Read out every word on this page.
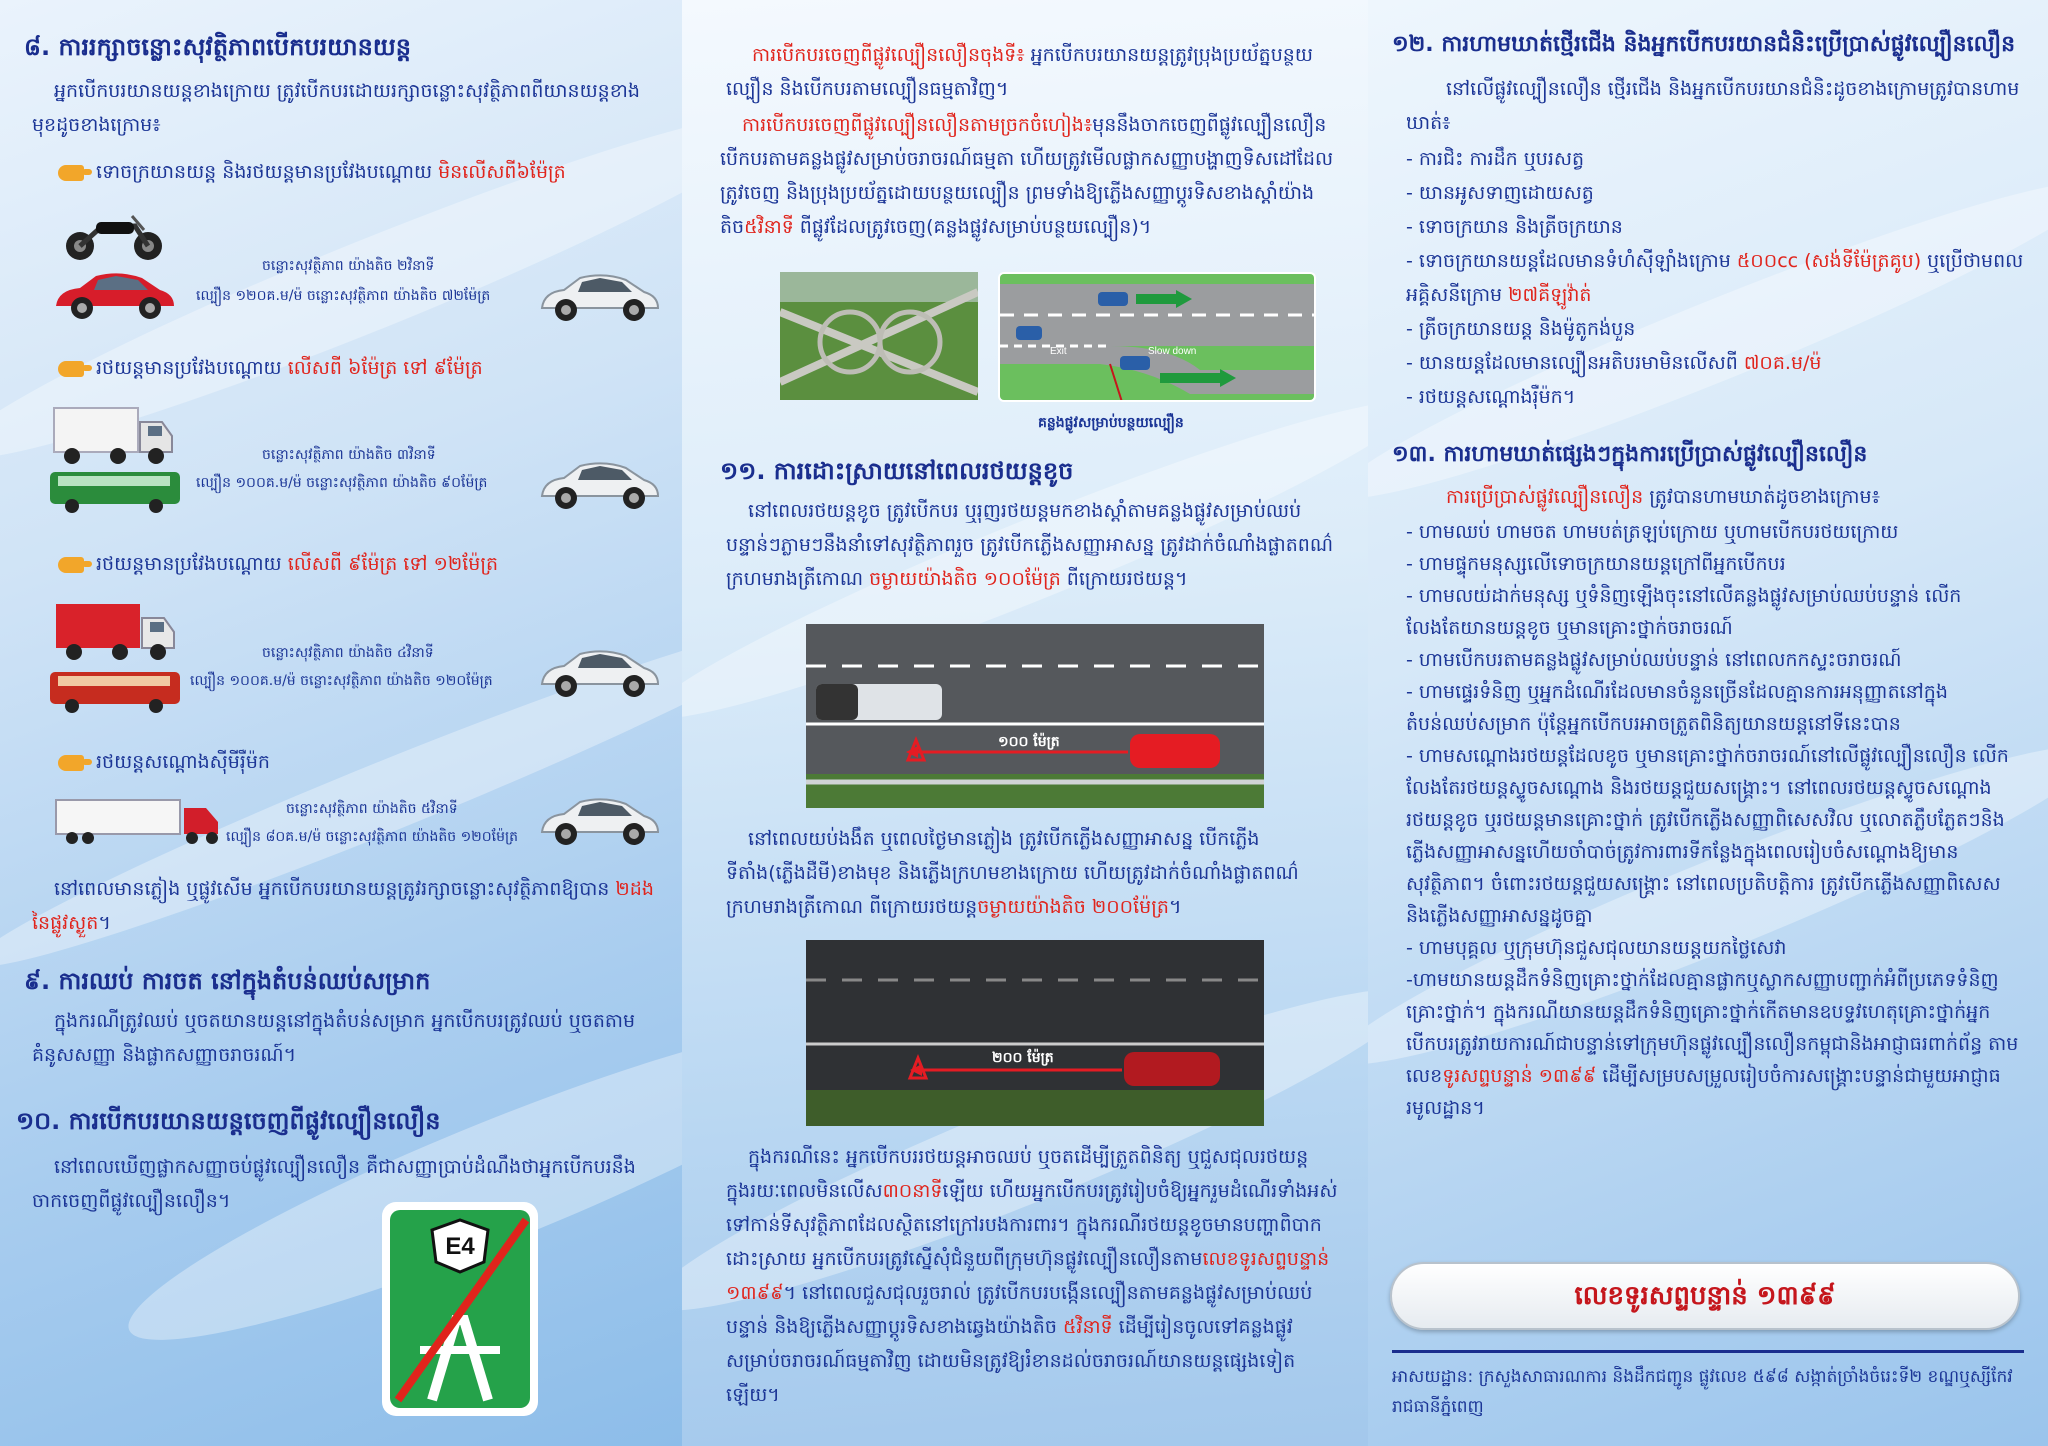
៨. ការរក្សាចន្លោះសុវត្ថិភាពបើកបរយានយន្ត
អ្នកបើកបរយានយន្តខាងក្រោយ ត្រូវបើកបរដោយរក្សាចន្លោះសុវត្ថិភាពពីយានយន្តខាងមុខដូចខាងក្រោម៖
ទោចក្រយានយន្ត និងរថយន្តមានប្រវែងបណ្តោយ មិនលើសពី៦ម៉ែត្រ
ចន្លោះសុវត្ថិភាព យ៉ាងតិច ២វិនាទី
ល្បឿន ១២០គ.ម/ម៉ ចន្លោះសុវត្ថិភាព យ៉ាងតិច ៧២ម៉ែត្រ
រថយន្តមានប្រវែងបណ្តោយ លើសពី ៦ម៉ែត្រ ទៅ ៩ម៉ែត្រ
ចន្លោះសុវត្ថិភាព យ៉ាងតិច ៣វិនាទី
ល្បឿន ១០០គ.ម/ម៉ ចន្លោះសុវត្ថិភាព យ៉ាងតិច ៩០ម៉ែត្រ
រថយន្តមានប្រវែងបណ្តោយ លើសពី ៩ម៉ែត្រ ទៅ ១២ម៉ែត្រ
ចន្លោះសុវត្ថិភាព យ៉ាងតិច ៤វិនាទី
ល្បឿន ១០០គ.ម/ម៉ ចន្លោះសុវត្ថិភាព យ៉ាងតិច ១២០ម៉ែត្រ
រថយន្តសណ្តោងស៊ីមីរ៉ឺម៉ក
ចន្លោះសុវត្ថិភាព យ៉ាងតិច ៥វិនាទី
ល្បឿន ៨០គ.ម/ម៉ ចន្លោះសុវត្ថិភាព យ៉ាងតិច ១២០ម៉ែត្រ
នៅពេលមានភ្លៀង ឬផ្លូវសើម អ្នកបើកបរយានយន្តត្រូវរក្សាចន្លោះសុវត្ថិភាពឱ្យបាន ២ដង នៃផ្លូវស្ងួត។
៩. ការឈប់ ការចត នៅក្នុងតំបន់ឈប់សម្រាក
ក្នុងករណីត្រូវឈប់ ឬចតយានយន្តនៅក្នុងតំបន់សម្រាក អ្នកបើកបរត្រូវឈប់ ឬចតតាមគំនូសសញ្ញា និងផ្លាកសញ្ញាចរាចរណ៍។
១០. ការបើកបរយានយន្តចេញពីផ្លូវល្បឿនលឿន
នៅពេលឃើញផ្លាកសញ្ញាចប់ផ្លូវល្បឿនលឿន គឺជាសញ្ញាប្រាប់ដំណឹងថាអ្នកបើកបរនឹងចាកចេញពីផ្លូវល្បឿនលឿន។
E4
ការបើកបរចេញពីផ្លូវល្បឿនលឿនចុងទី៖ អ្នកបើកបរយានយន្តត្រូវប្រុងប្រយ័ត្នបន្ថយល្បឿន និងបើកបរតាមល្បឿនធម្មតាវិញ។
ការបើកបរចេញពីផ្លូវល្បឿនលឿនតាមច្រកចំហៀង៖មុននឹងចាកចេញពីផ្លូវល្បឿនលឿនបើកបរតាមគន្លងផ្លូវសម្រាប់ចរាចរណ៍ធម្មតា ហើយត្រូវមើលផ្លាកសញ្ញាបង្ហាញទិសដៅដែលត្រូវចេញ និងប្រុងប្រយ័ត្នដោយបន្ថយល្បឿន ព្រមទាំងឱ្យភ្លើងសញ្ញាប្តូរទិសខាងស្តាំយ៉ាងតិច៥វិនាទី ពីផ្លូវដែលត្រូវចេញ(គន្លងផ្លូវសម្រាប់បន្ថយល្បឿន)។
Exit	Slow down
គន្លងផ្លូវសម្រាប់បន្ថយល្បឿន
១១. ការដោះស្រាយនៅពេលរថយន្តខូច
នៅពេលរថយន្តខូច ត្រូវបើកបរ ឬរុញរថយន្តមកខាងស្តាំតាមគន្លងផ្លូវសម្រាប់ឈប់បន្ទាន់ៗភ្លាមៗនឹងនាំទៅសុវត្ថិភាពរួច ត្រូវបើកភ្លើងសញ្ញាអាសន្ន ត្រូវដាក់ចំណាំងផ្លាតពណ៌ក្រហមរាងត្រីកោណ ចម្ងាយយ៉ាងតិច ១០០ម៉ែត្រ ពីក្រោយរថយន្ត។
១០០ ម៉ែត្រ
នៅពេលយប់ងងឹត ឬពេលថ្ងៃមានភ្លៀង ត្រូវបើកភ្លើងសញ្ញាអាសន្ន បើកភ្លើងទីតាំង(ភ្លើងដឺមី)ខាងមុខ និងភ្លើងក្រហមខាងក្រោយ ហើយត្រូវដាក់ចំណាំងផ្លាតពណ៌ក្រហមរាងត្រីកោណ ពីក្រោយរថយន្តចម្ងាយយ៉ាងតិច ២០០ម៉ែត្រ។
២០០ ម៉ែត្រ
ក្នុងករណីនេះ អ្នកបើកបររថយន្តអាចឈប់ ឬចតដើម្បីត្រួតពិនិត្យ ឬជួសជុលរថយន្តក្នុងរយៈពេលមិនលើស៣០នាទីឡើយ ហើយអ្នកបើកបរត្រូវរៀបចំឱ្យអ្នករួមដំណើរទាំងអស់ទៅកាន់ទីសុវត្ថិភាពដែលស្ថិតនៅក្រៅរបងការពារ។ ក្នុងករណីរថយន្តខូចមានបញ្ហាពិបាកដោះស្រាយ អ្នកបើកបរត្រូវស្នើសុំជំនួយពីក្រុមហ៊ុនផ្លូវល្បឿនលឿនតាមលេខទូរសព្ទបន្ទាន់ ១៣៩៩។ នៅពេលជួសជុលរួចរាល់ ត្រូវបើកបរបង្កើនល្បឿនតាមគន្លងផ្លូវសម្រាប់ឈប់បន្ទាន់ និងឱ្យភ្លើងសញ្ញាប្តូរទិសខាងឆ្វេងយ៉ាងតិច ៥វិនាទី ដើម្បីរៀនចូលទៅគន្លងផ្លូវសម្រាប់ចរាចរណ៍ធម្មតាវិញ ដោយមិនត្រូវឱ្យរំខានដល់ចរាចរណ៍យានយន្តផ្សេងទៀតឡើយ។
១២. ការហាមឃាត់ថ្មើរជើង និងអ្នកបើកបរយានជំនិះប្រើប្រាស់ផ្លូវល្បឿនលឿន
នៅលើផ្លូវល្បឿនលឿន ថ្មើរជើង និងអ្នកបើកបរយានជំនិះដូចខាងក្រោមត្រូវបានហាមឃាត់៖
- ការជិះ ការដឹក ឬបរសត្វ
- យានអូសទាញដោយសត្វ
- ទោចក្រយាន និងត្រីចក្រយាន
- ទោចក្រយានយន្តដែលមានទំហំស៊ីឡាំងក្រោម ៥០០cc (សង់ទីម៉ែត្រគូប) ឬប្រើថាមពលអគ្គិសនីក្រោម ២៧គីឡូវ៉ាត់
- ត្រីចក្រយានយន្ត និងម៉ូតូកង់បួន
- យានយន្តដែលមានល្បឿនអតិបរមាមិនលើសពី ៧០គ.ម/ម៉
- រថយន្តសណ្តោងរ៉ឺម៉ក។
១៣. ការហាមឃាត់ផ្សេងៗក្នុងការប្រើប្រាស់ផ្លូវល្បឿនលឿន
ការប្រើប្រាស់ផ្លូវល្បឿនលឿន ត្រូវបានហាមឃាត់ដូចខាងក្រោម៖
- ហាមឈប់ ហាមចត ហាមបត់ត្រឡប់ក្រោយ ឬហាមបើកបរថយក្រោយ
- ហាមផ្ទុកមនុស្សលើទោចក្រយានយន្តក្រៅពីអ្នកបើកបរ
- ហាមលយ់ដាក់មនុស្ស ឬទំនិញឡើងចុះនៅលើគន្លងផ្លូវសម្រាប់ឈប់បន្ទាន់ លើកលែងតែយានយន្តខូច ឬមានគ្រោះថ្នាក់ចរាចរណ៍
- ហាមបើកបរតាមគន្លងផ្លូវសម្រាប់ឈប់បន្ទាន់ នៅពេលកកស្ទះចរាចរណ៍
- ហាមផ្ទេរទំនិញ ឬអ្នកដំណើរដែលមានចំនួនច្រើនដែលគ្មានការអនុញ្ញាតនៅក្នុងតំបន់ឈប់សម្រាក ប៉ុន្តែអ្នកបើកបរអាចត្រួតពិនិត្យយានយន្តនៅទីនេះបាន
- ហាមសណ្តោងរថយន្តដែលខូច ឬមានគ្រោះថ្នាក់ចរាចរណ៍នៅលើផ្លូវល្បឿនលឿន លើកលែងតែរថយន្តស្ទូចសណ្តោង និងរថយន្តជួយសង្គ្រោះ។ នៅពេលរថយន្តស្ទូចសណ្តោង រថយន្តខូច ឬរថយន្តមានគ្រោះថ្នាក់ ត្រូវបើកភ្លើងសញ្ញាពិសេសវិល ឬលោតភ្លឹបភ្លែតៗនិងភ្លើងសញ្ញាអាសន្នហើយចាំបាច់ត្រូវការពារទីកន្លែងក្នុងពេលរៀបចំសណ្តោងឱ្យមានសុវត្ថិភាព។ ចំពោះរថយន្តជួយសង្គ្រោះ នៅពេលប្រតិបត្តិការ ត្រូវបើកភ្លើងសញ្ញាពិសេស និងភ្លើងសញ្ញាអាសន្នដូចគ្នា
- ហាមបុគ្គល ឬក្រុមហ៊ុនជួសជុលយានយន្តយកថ្លៃសេវា
-ហាមយានយន្តដឹកទំនិញគ្រោះថ្នាក់ដែលគ្មានផ្លាកឬស្លាកសញ្ញាបញ្ជាក់អំពីប្រភេទទំនិញគ្រោះថ្នាក់។ ក្នុងករណីយានយន្តដឹកទំនិញគ្រោះថ្នាក់កើតមានឧបទ្ទវហេតុគ្រោះថ្នាក់អ្នកបើកបរត្រូវរាយការណ៍ជាបន្ទាន់ទៅក្រុមហ៊ុនផ្លូវល្បឿនលឿនកម្ពុជានិងអាជ្ញាធរពាក់ព័ន្ធ តាមលេខទូរសព្ទបន្ទាន់ ១៣៩៩ ដើម្បីសម្របសម្រួលរៀបចំការសង្គ្រោះបន្ទាន់ជាមួយអាជ្ញាធរមូលដ្ឋាន។
លេខទូរសព្ទបន្ទាន់ ១៣៩៩
អាសយដ្ឋាន: ក្រសួងសាធារណការ និងដឹកជញ្ជូន ផ្លូវលេខ ៥៩៨ សង្កាត់ច្រាំងចំរេះទី២ ខណ្ឌឬស្សីកែវ រាជធានីភ្នំពេញ
